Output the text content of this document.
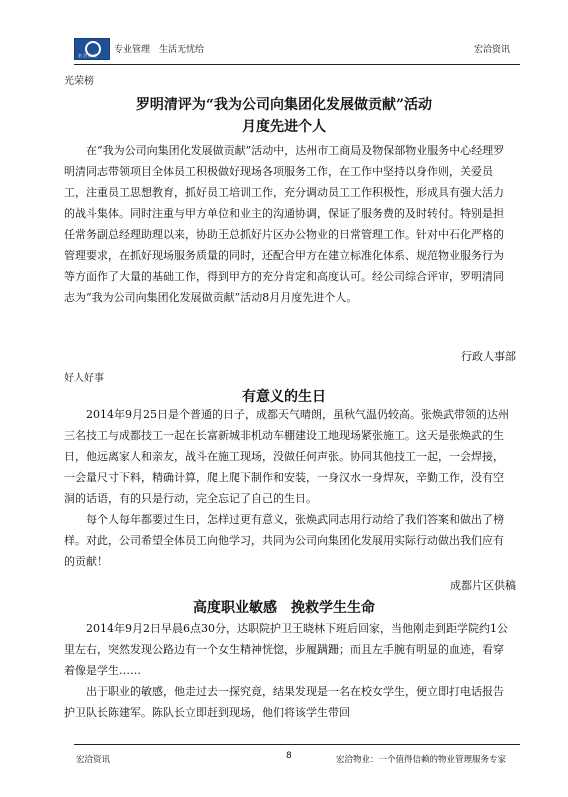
宏洽物业
专业管理　生活无忧给	宏洽资讯
光荣榜
罗明清评为“我为公司向集团化发展做贡献”活动
月度先进个人

在“我为公司向集团化发展做贡献”活动中，达州市工商局及物保部物业服务中心经理罗明清同志带领项目全体员工积极做好现场各项服务工作，在工作中坚持以身作则，关爱员工，注重员工思想教育，抓好员工培训工作，充分调动员工工作积极性，形成具有强大活力的战斗集体。同时注重与甲方单位和业主的沟通协调，保证了服务费的及时转付。特别是担任常务副总经理助理以来，协助王总抓好片区办公物业的日常管理工作。针对中石化严格的管理要求，在抓好现场服务质量的同时，还配合甲方在建立标准化体系、规范物业服务行为等方面作了大量的基础工作，得到甲方的充分肯定和高度认可。经公司综合评审，罗明清同志为“我为公司向集团化发展做贡献”活动8月月度先进个人。

行政人事部
好人好事
有意义的生日

2014年9月25日是个普通的日子，成都天气晴朗，虽秋气温仍较高。张焕武带领的达州三名技工与成都技工一起在长富新城非机动车棚建设工地现场紧张施工。这天是张焕武的生日，他远离家人和亲友，战斗在施工现场，没做任何声张。协同其他技工一起，一会焊接，一会量尺寸下料，精确计算，爬上爬下制作和安装，一身汉水一身焊灰，辛勤工作，没有空洞的话语，有的只是行动，完全忘记了自己的生日。

每个人每年都要过生日，怎样过更有意义，张焕武同志用行动给了我们答案和做出了榜样。对此，公司希望全体员工向他学习，共同为公司向集团化发展用实际行动做出我们应有的贡献！

成都片区供稿
高度职业敏感　挽救学生生命

2014年9月2日早晨6点30分，达职院护卫王晓林下班后回家，当他刚走到距学院约1公里左右，突然发现公路边有一个女生精神恍惚，步履蹒跚；而且左手腕有明显的血迹，看穿着像是学生……

出于职业的敏感，他走过去一探究竟，结果发现是一名在校女学生，便立即打电话报告护卫队长陈建军。陈队长立即赶到现场，他们将该学生带回

宏洽资讯	8	宏洽物业：一个值得信赖的物业管理服务专家
